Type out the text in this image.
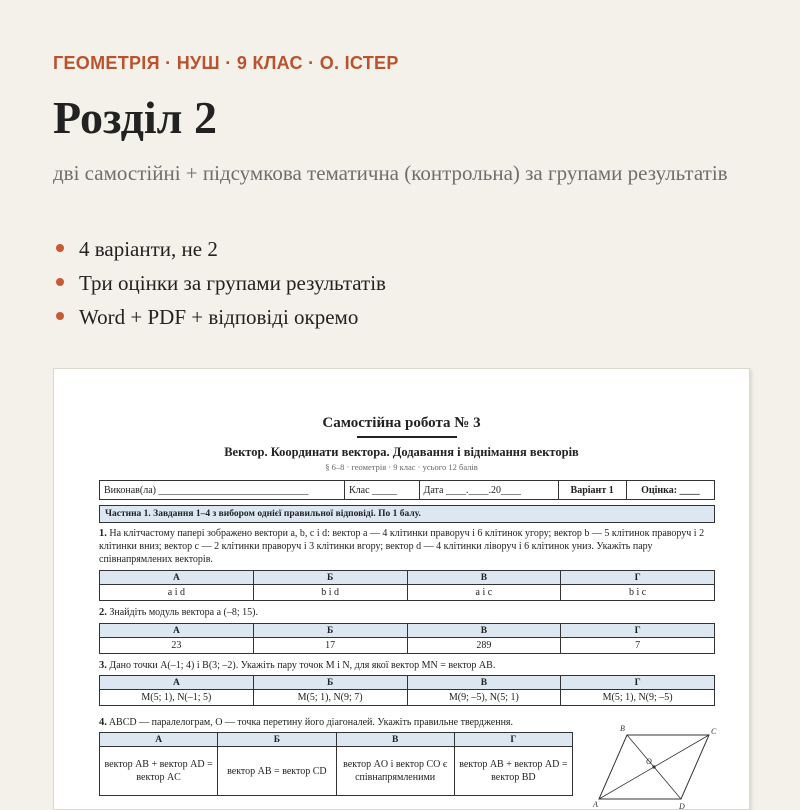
ГЕОМЕТРІЯ · НУШ · 9 КЛАС · О. ІСТЕР
Розділ 2
дві самостійні + підсумкова тематична (контрольна) за групами результатів
4 варіанти, не 2
Три оцінки за групами результатів
Word + PDF + відповіді окремо
Самостійна робота № 3
Вектор. Координати вектора. Додавання і віднімання векторів
§ 6–8 · геометрія · 9 клас · усього 12 балів
Виконав(ла) ______________________________	Клас _____	Дата ____.____.20____	Варіант 1	Оцінка: ____
Частина 1. Завдання 1–4 з вибором однієї правильної відповіді. По 1 балу.
1. На клітчастому папері зображено вектори a, b, c і d: вектор a — 4 клітинки праворуч і 6 клітинок угору; вектор b — 5 клітинок праворуч і 2 клітинки вниз; вектор c — 2 клітинки праворуч і 3 клітинки вгору; вектор d — 4 клітинки ліворуч і 6 клітинок униз. Укажіть пару співнапрямлених векторів.
А	Б	В	Г
a і d	b і d	a і c	b і c
2. Знайдіть модуль вектора a (–8; 15).
А	Б	В	Г
23	17	289	7
3. Дано точки A(–1; 4) і B(3; –2). Укажіть пару точок M і N, для якої вектор MN = вектор AB.
А	Б	В	Г
M(5; 1), N(–1; 5)	M(5; 1), N(9; 7)	M(9; –5), N(5; 1)	M(5; 1), N(9; –5)
4. ABCD — паралелограм, O — точка перетину його діагоналей. Укажіть правильне твердження.
А	Б	В	Г
вектор AB + вектор AD = вектор AC	вектор AB = вектор CD	вектор AO і вектор CO є співнапрямленими	вектор AB + вектор AD = вектор BD
A
B	C
D
O
